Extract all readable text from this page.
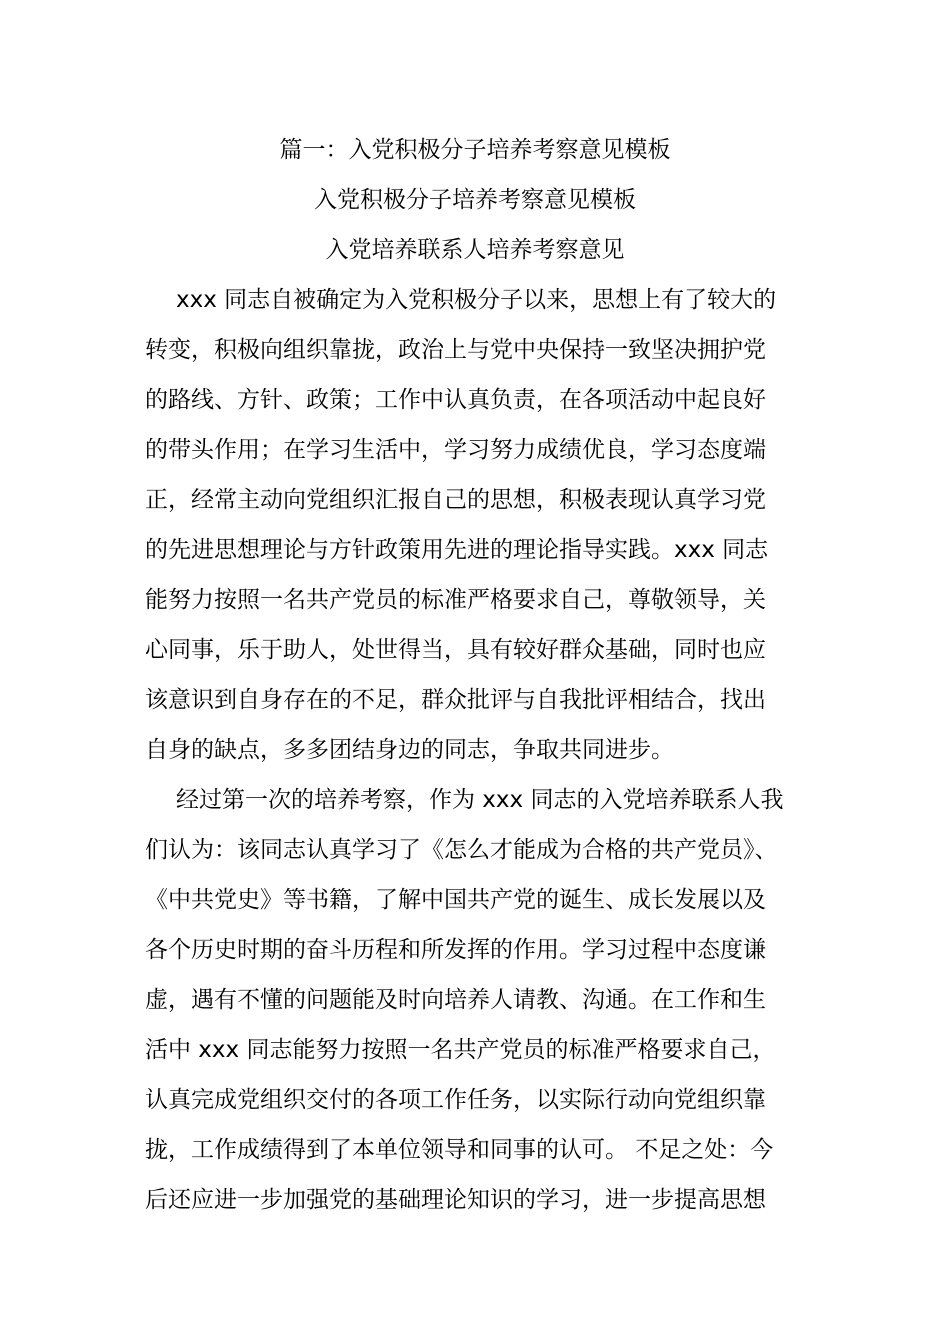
篇一：入党积极分子培养考察意见模板
入党积极分子培养考察意见模板
入党培养联系人培养考察意见
xxx 同志自被确定为入党积极分子以来，思想上有了较大的
转变，积极向组织靠拢，政治上与党中央保持一致坚决拥护党
的路线、方针、政策；工作中认真负责，在各项活动中起良好
的带头作用；在学习生活中，学习努力成绩优良，学习态度端
正，经常主动向党组织汇报自己的思想，积极表现认真学习党
的先进思想理论与方针政策用先进的理论指导实践。xxx 同志
能努力按照一名共产党员的标准严格要求自己，尊敬领导，关
心同事，乐于助人，处世得当，具有较好群众基础，同时也应
该意识到自身存在的不足，群众批评与自我批评相结合，找出
自身的缺点，多多团结身边的同志，争取共同进步。
经过第一次的培养考察，作为 xxx 同志的入党培养联系人我
们认为：该同志认真学习了《怎么才能成为合格的共产党员》、
《中共党史》等书籍，了解中国共产党的诞生、成长发展以及
各个历史时期的奋斗历程和所发挥的作用。学习过程中态度谦
虚，遇有不懂的问题能及时向培养人请教、沟通。在工作和生
活中 xxx 同志能努力按照一名共产党员的标准严格要求自己，
认真完成党组织交付的各项工作任务，以实际行动向党组织靠
拢，工作成绩得到了本单位领导和同事的认可。 不足之处：今
后还应进一步加强党的基础理论知识的学习，进一步提高思想
